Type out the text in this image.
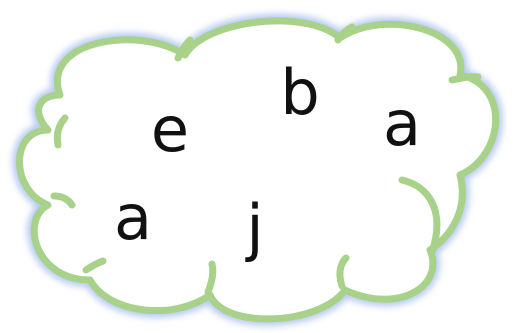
e
b a
a j
